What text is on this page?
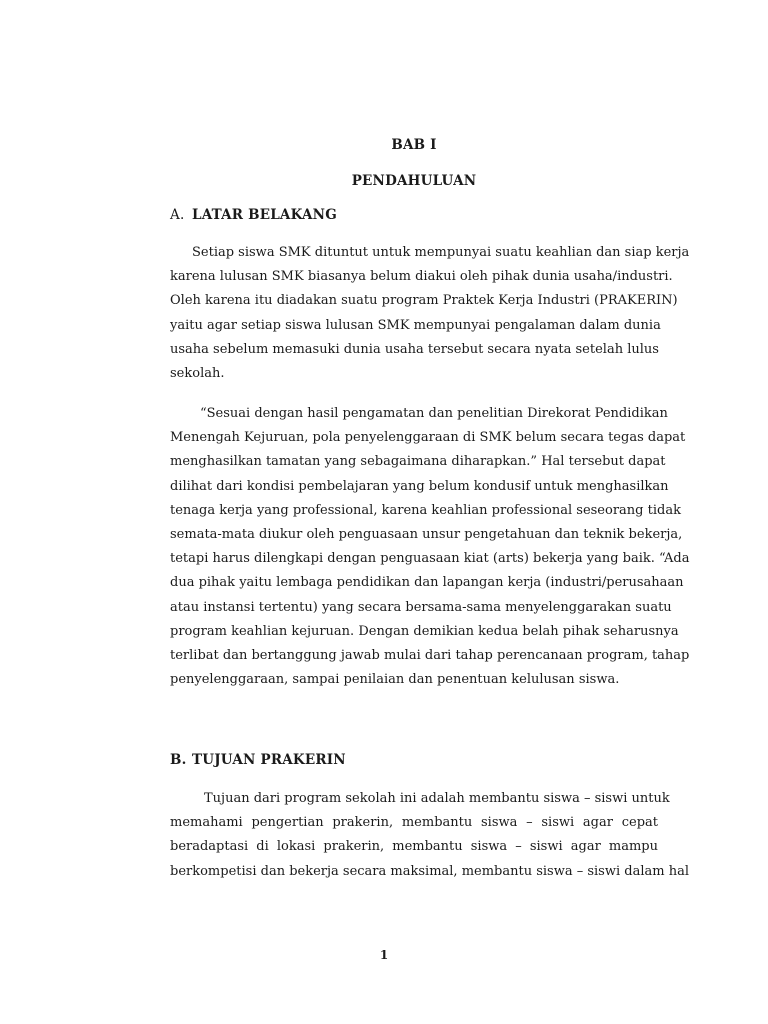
BAB I
PENDAHULUAN
A. LATAR BELAKANG
Setiap siswa SMK dituntut untuk mempunyai suatu keahlian dan siap kerja
karena lulusan SMK biasanya belum diakui oleh pihak dunia usaha/industri.
Oleh karena itu diadakan suatu program Praktek Kerja Industri (PRAKERIN)
yaitu agar setiap siswa lulusan SMK mempunyai pengalaman dalam dunia
usaha sebelum memasuki dunia usaha tersebut secara nyata setelah lulus
sekolah.
“Sesuai dengan hasil pengamatan dan penelitian Direkorat Pendidikan
Menengah Kejuruan, pola penyelenggaraan di SMK belum secara tegas dapat
menghasilkan tamatan yang sebagaimana diharapkan.” Hal tersebut dapat
dilihat dari kondisi pembelajaran yang belum kondusif untuk menghasilkan
tenaga kerja yang professional, karena keahlian professional seseorang tidak
semata-mata diukur oleh penguasaan unsur pengetahuan dan teknik bekerja,
tetapi harus dilengkapi dengan penguasaan kiat (arts) bekerja yang baik. “Ada
dua pihak yaitu lembaga pendidikan dan lapangan kerja (industri/perusahaan
atau instansi tertentu) yang secara bersama-sama menyelenggarakan suatu
program keahlian kejuruan. Dengan demikian kedua belah pihak seharusnya
terlibat dan bertanggung jawab mulai dari tahap perencanaan program, tahap
penyelenggaraan, sampai penilaian dan penentuan kelulusan siswa.
B. TUJUAN PRAKERIN
Tujuan dari program sekolah ini adalah membantu siswa – siswi untuk
memahami pengertian prakerin, membantu siswa – siswi agar cepat
beradaptasi di lokasi prakerin, membantu siswa – siswi agar mampu
berkompetisi dan bekerja secara maksimal, membantu siswa – siswi dalam hal
1
